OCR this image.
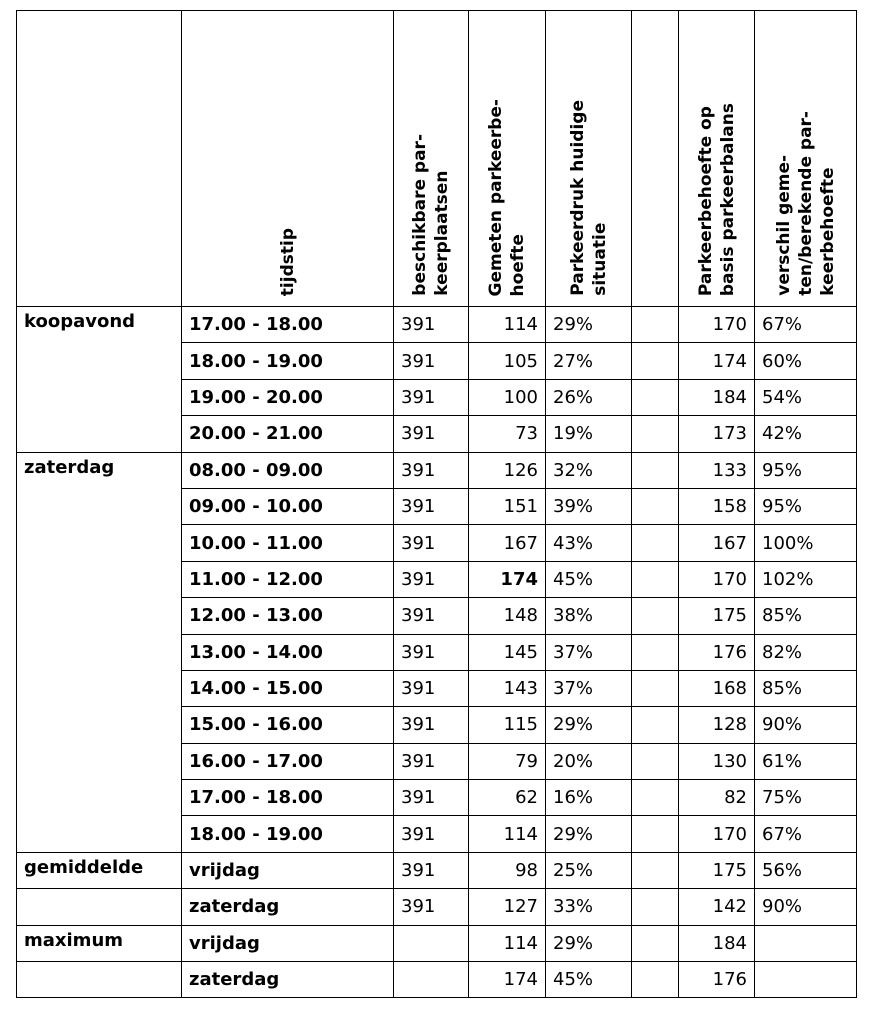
	tijdstip	beschikbare par- keerplaatsen	Gemeten parkeerbe- hoefte	Parkeerdruk huidige situatie		Parkeerbehoefte op basis parkeerbalans	verschil geme- ten/berekende par- keerbehoefte

koopavond	17.00 - 18.00	391	114	29%		170	67%
	18.00 - 19.00	391	105	27%		174	60%
	19.00 - 20.00	391	100	26%		184	54%
	20.00 - 21.00	391	73	19%		173	42%
zaterdag	08.00 - 09.00	391	126	32%		133	95%
	09.00 - 10.00	391	151	39%		158	95%
	10.00 - 11.00	391	167	43%		167	100%
	11.00 - 12.00	391	174	45%		170	102%
	12.00 - 13.00	391	148	38%		175	85%
	13.00 - 14.00	391	145	37%		176	82%
	14.00 - 15.00	391	143	37%		168	85%
	15.00 - 16.00	391	115	29%		128	90%
	16.00 - 17.00	391	79	20%		130	61%
	17.00 - 18.00	391	62	16%		82	75%
	18.00 - 19.00	391	114	29%		170	67%
gemiddelde	vrijdag	391	98	25%		175	56%
	zaterdag	391	127	33%		142	90%
maximum	vrijdag		114	29%		184	
	zaterdag		174	45%		176	
